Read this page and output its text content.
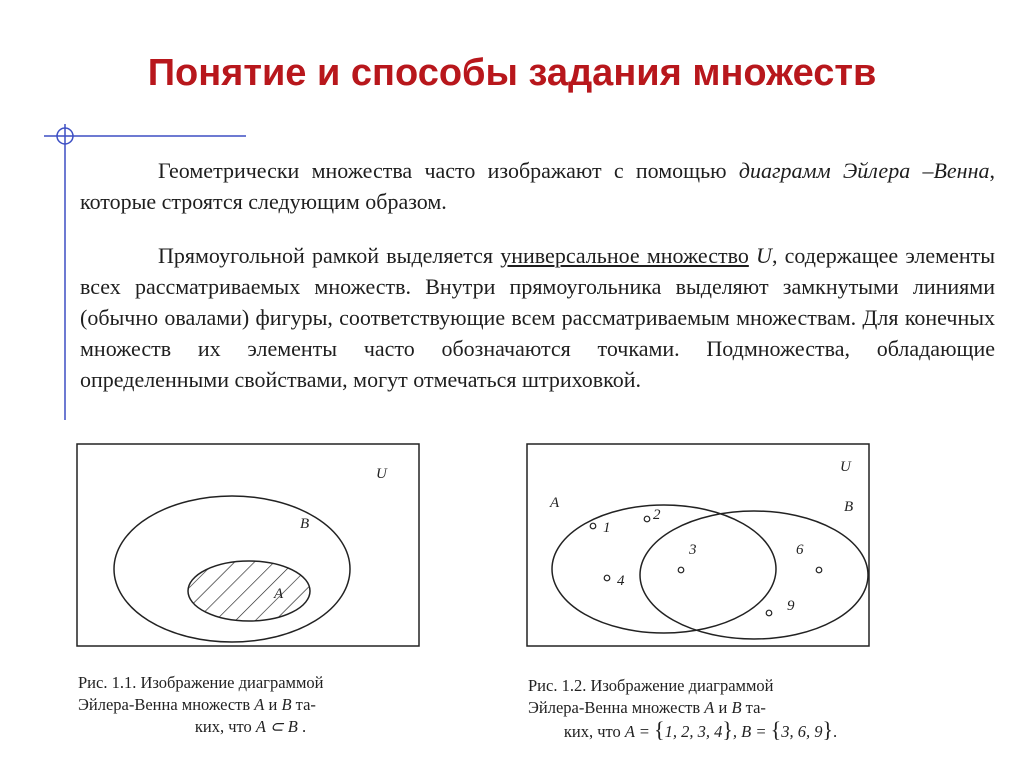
Понятие и способы задания множеств

Геометрически множества часто изображают с помощью диаграмм Эйлера –Венна, которые строятся следующим образом.

Прямоугольной рамкой выделяется универсальное множество U, содержащее элементы всех рассматриваемых множеств. Внутри прямоугольника выделяют замкнутыми линиями (обычно овалами) фигуры, соответствующие всем рассматриваемым множествам. Для конечных множеств их элементы часто обозначаются точками. Подмножества, обладающие определенными свойствами, могут отмечаться штриховкой.

U
B
A

Рис. 1.1. Изображение диаграммой
Эйлера-Венна множеств A и B та-
ких, что A ⊂ B .

U
A	B
1
2
3
4
6
9

Рис. 1.2. Изображение диаграммой
Эйлера-Венна множеств A и B та-
ких, что A = {1, 2, 3, 4}, B = {3, 6, 9}.
